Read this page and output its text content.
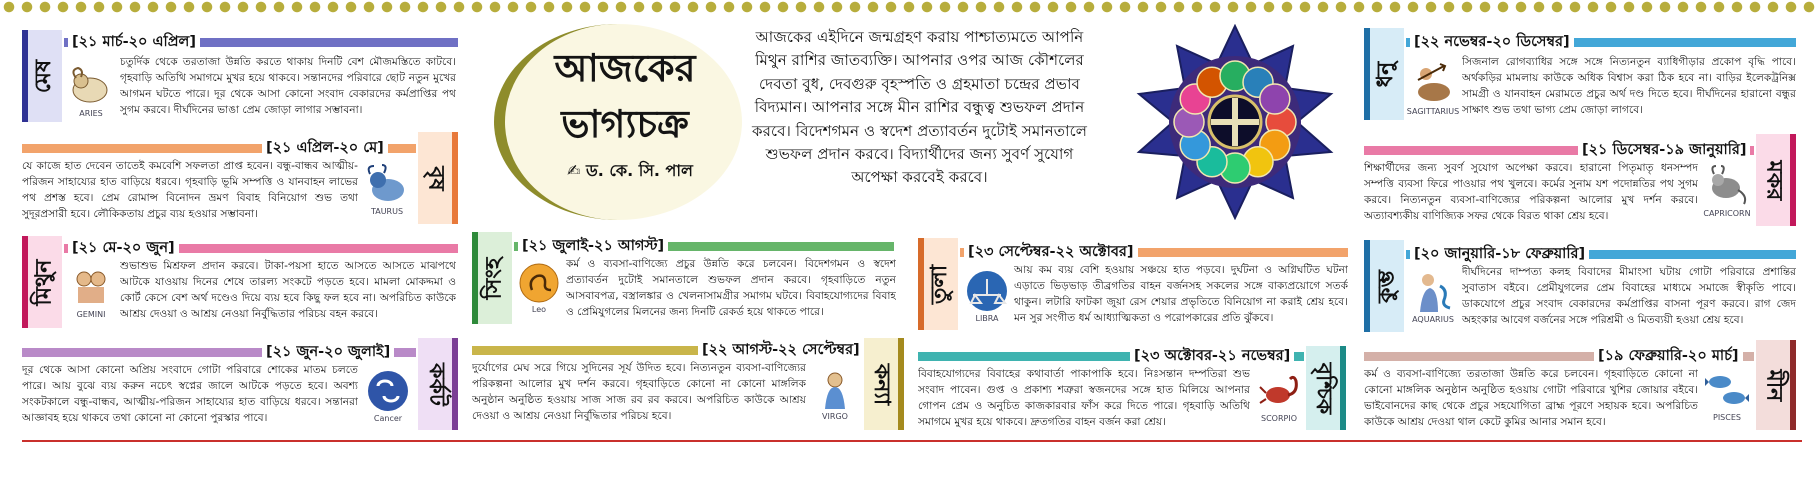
[২১ মার্চ-২০ এপ্রিল]
মেষ
ARIES
চতুর্দিক থেকে তরতাজা উন্নতি করতে থাকায় দিনটি বেশ মৌজমস্তিতে কাটবে। গৃহবাড়ি অতিথি সমাগমে মুখর হয়ে থাকবে। সন্তানদের পরিবারে ছোট নতুন মুখের আগমন ঘটতে পারে। দূর থেকে আসা কোনো সংবাদ বেকারদের কর্মপ্রাপ্তির পথ সুগম করবে। দীর্ঘদিনের ভাঙা প্রেম জোড়া লাগার সম্ভাবনা।
[২১ এপ্রিল-২০ মে]
বৃষ
TAURUS
যে কাজে হাত দেবেন তাতেই কমবেশি সফলতা প্রাপ্ত হবেন। বন্ধু-বান্ধব আত্মীয়-পরিজন সাহায্যের হাত বাড়িয়ে ধরবে। গৃহবাড়ি ভূমি সম্পত্তি ও যানবাহন লাভের পথ প্রশস্ত হবে। প্রেম রোমান্স বিনোদন ভ্রমণ বিবাহ বিনিয়োগ শুভ তথা সুদূরপ্রসারী হবে। লৌকিকতায় প্রচুর ব্যয় হওয়ার সম্ভাবনা।
[২১ মে-২০ জুন]
মিথুন
GEMINI
শুভাশুভ মিশ্রফল প্রদান করবে। টাকা-পয়সা হাতে আসতে আসতে মাঝপথে আটকে যাওয়ায় দিনের শেষে তারল্য সংকটে পড়তে হবে। মামলা মোকদ্দমা ও কোর্ট কেসে বেশ অর্থ দণ্ডেও দিয়ে ব্যয় হবে কিছু ফল হবে না। অপরিচিত কাউকে আশ্রয় দেওয়া ও আশ্রয় নেওয়া নির্বুদ্ধিতার পরিচয় বহন করবে।
[২১ জুন-২০ জুলাই]
কর্কট
Cancer
দূর থেকে আসা কোনো অপ্রিয় সংবাদে গোটা পরিবারে শোকের মাতম চলতে পারে। আয় বুঝে ব্যয় করুন নচেৎ স্বপ্নের জালে আটকে পড়তে হবে। অবশ্য সংকটকালে বন্ধু-বান্ধব, আত্মীয়-পরিজন সাহায্যের হাত বাড়িয়ে ধরবে। সন্তানরা আজ্ঞাবহ হয়ে থাকবে তথা কোনো না কোনো পুরস্কার পাবে।
আজকের
ভাগ্যচক্র
✍ ড. কে. সি. পাল
আজকের এইদিনে জন্মগ্রহণ করায় পাশ্চাত্যমতে আপনি মিথুন রাশির জাতব্যক্তি। আপনার ওপর আজ কৌশলের দেবতা বুধ, দেবগুরু বৃহস্পতি ও গ্রহমাতা চন্দ্রের প্রভাব বিদ্যমান। আপনার সঙ্গে মীন রাশির বন্ধুত্ব শুভফল প্রদান করবে। বিদেশগমন ও স্বদেশ প্রত্যাবর্তন দুটোই সমানতালে শুভফল প্রদান করবে। বিদ্যার্থীদের জন্য সুবর্ণ সুযোগ অপেক্ষা করবেই করবে।
সিংহ
[২১ জুলাই-২১ আগস্ট]
Leo
কর্ম ও ব্যবসা-বাণিজ্যে প্রচুর উন্নতি করে চলবেন। বিদেশগমন ও স্বদেশ প্রত্যাবর্তন দুটোই সমানতালে শুভফল প্রদান করবে। গৃহবাড়িতে নতুন আসবাবপত্র, বস্ত্রালঙ্কার ও খেলনাসামগ্রীর সমাগম ঘটবে। বিবাহযোগ্যদের বিবাহ ও প্রেমিযুগলের মিলনের জন্য দিনটি রেকর্ড হয়ে থাকতে পারে।
[২২ আগস্ট-২২ সেপ্টেম্বর]
কন্যা
VIRGO
দুর্যোগের মেঘ সরে গিয়ে সুদিনের সূর্য উদিত হবে। নিত্যনতুন ব্যবসা-বাণিজ্যের পরিকল্পনা আলোর মুখ দর্শন করবে। গৃহবাড়িতে কোনো না কোনো মাঙ্গলিক অনুষ্ঠান অনুষ্ঠিত হওয়ায় সাজ সাজ রব রব করবে। অপরিচিত কাউকে আশ্রয় দেওয়া ও আশ্রয় নেওয়া নির্বুদ্ধিতার পরিচয় হবে।
তুলা
[২৩ সেপ্টেম্বর-২২ অক্টোবর]
LIBRA
আয় কম ব্যয় বেশি হওয়ায় সঞ্চয়ে হাত পড়বে। দুর্ঘটনা ও অগ্নিঘটিত ঘটনা এড়াতে ভিড়ভাড় তীব্রগতির বাহন বর্জনসহ সকলের সঙ্গে বাক্যপ্রয়োগে সতর্ক থাকুন। লটারি ফাটকা জুয়া রেস শেয়ার প্রভৃতিতে বিনিয়োগ না করাই শ্রেয় হবে। মন সুর সংগীত ধর্ম আধ্যাত্মিকতা ও পরোপকারের প্রতি ঝুঁকবে।
[২৩ অক্টোবর-২১ নভেম্বর]
বৃশ্চিক
SCORPIO
বিবাহযোগ্যদের বিবাহের কথাবার্তা পাকাপাকি হবে। নিঃসন্তান দম্পতিরা শুভ সংবাদ পাবেন। গুপ্ত ও প্রকাশ্য শত্রুরা স্বজনদের সঙ্গে হাত মিলিয়ে আপনার গোপন প্রেম ও অনুচিত কাজকারবার ফাঁস করে দিতে পারে। গৃহবাড়ি অতিথি সমাগমে মুখর হয়ে থাকবে। দ্রুতগতির বাহন বর্জন করা শ্রেয়।
ধনু
[২২ নভেম্বর-২০ ডিসেম্বর]
SAGITTARIUS
সিজনাল রোগব্যাধির সঙ্গে সঙ্গে নিত্যনতুন ব্যাধিগীড়ার প্রকোপ বৃদ্ধি পাবে। অর্থকড়ির মামলায় কাউকে অধিক বিশ্বাস করা ঠিক হবে না। বাড়ির ইলেকট্রনিক্স সামগ্রী ও যানবাহন মেরামতে প্রচুর অর্থ দণ্ড দিতে হবে। দীর্ঘদিনের হারানো বন্ধুর সাক্ষাৎ শুভ তথা ভাগ্য প্রেম জোড়া লাগবে।
[২১ ডিসেম্বর-১৯ জানুয়ারি]
মকর
CAPRICORN
শিক্ষার্থীদের জন্য সুবর্ণ সুযোগ অপেক্ষা করবে। হারানো পিতৃমাতৃ ধনসম্পদ সম্পত্তি ব্যবসা ফিরে পাওয়ার পথ খুলবে। কর্মের সুনাম যশ পদোন্নতির পথ সুগম করবে। নিত্যনতুন ব্যবসা-বাণিজ্যের পরিকল্পনা আলোর মুখ দর্শন করবে। অত্যাবশ্যকীয় বাণিজ্যিক সফর থেকে বিরত থাকা শ্রেয় হবে।
কুম্ভ
[২০ জানুয়ারি-১৮ ফেব্রুয়ারি]
AQUARIUS
দীর্ঘদিনের দাম্পত্য কলহ বিবাদের মীমাংসা ঘটায় গোটা পরিবারে প্রশান্তির সুবাতাস বইবে। প্রেমীযুগলের প্রেম বিবাহের মাধ্যমে সমাজে স্বীকৃতি পাবে। ডাকযোগে প্রচুর সংবাদ বেকারদের কর্মপ্রাপ্তির বাসনা পূরণ করবে। রাগ জেদ অহংকার আবেগ বর্জনের সঙ্গে পরিশ্রমী ও মিতব্যয়ী হওয়া শ্রেয় হবে।
[১৯ ফেব্রুয়ারি-২০ মার্চ]
মীন
PISCES
কর্ম ও ব্যবসা-বাণিজ্যে তরতাজা উন্নতি করে চলবেন। গৃহবাড়িতে কোনো না কোনো মাঙ্গলিক অনুষ্ঠান অনুষ্ঠিত হওয়ায় গোটা পরিবারে খুশির জোয়ার বইবে। ভাইবোনদের কাছ থেকে প্রচুর সহযোগিতা ব্রাহ্ম পূরণে সহায়ক হবে। অপরিচিত কাউকে আশ্রয় দেওয়া থাল কেটে কুমির আনার সমান হবে।
